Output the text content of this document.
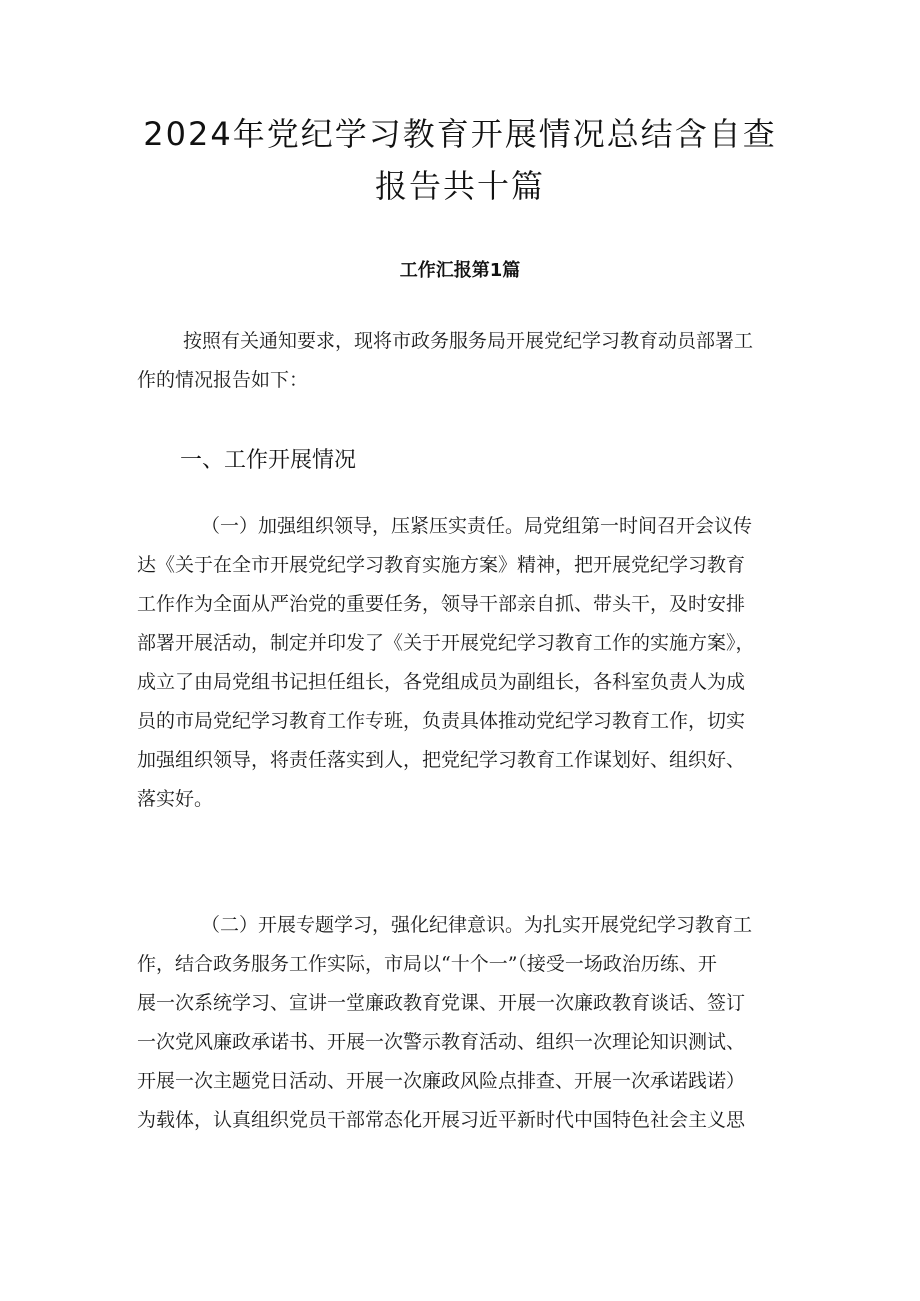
2024年党纪学习教育开展情况总结含自查
报告共十篇
工作汇报第1篇
按照有关通知要求，现将市政务服务局开展党纪学习教育动员部署工
作的情况报告如下：
一、工作开展情况
（一）加强组织领导，压紧压实责任。局党组第一时间召开会议传
达《关于在全市开展党纪学习教育实施方案》精神，把开展党纪学习教育
工作作为全面从严治党的重要任务，领导干部亲自抓、带头干，及时安排
部署开展活动，制定并印发了《关于开展党纪学习教育工作的实施方案》，
成立了由局党组书记担任组长，各党组成员为副组长，各科室负责人为成
员的市局党纪学习教育工作专班，负责具体推动党纪学习教育工作，切实
加强组织领导，将责任落实到人，把党纪学习教育工作谋划好、组织好、
落实好。
（二）开展专题学习，强化纪律意识。为扎实开展党纪学习教育工
作，结合政务服务工作实际，市局以“十个一”（接受一场政治历练、开
展一次系统学习、宣讲一堂廉政教育党课、开展一次廉政教育谈话、签订
一次党风廉政承诺书、开展一次警示教育活动、组织一次理论知识测试、
开展一次主题党日活动、开展一次廉政风险点排查、开展一次承诺践诺）
为载体，认真组织党员干部常态化开展习近平新时代中国特色社会主义思
